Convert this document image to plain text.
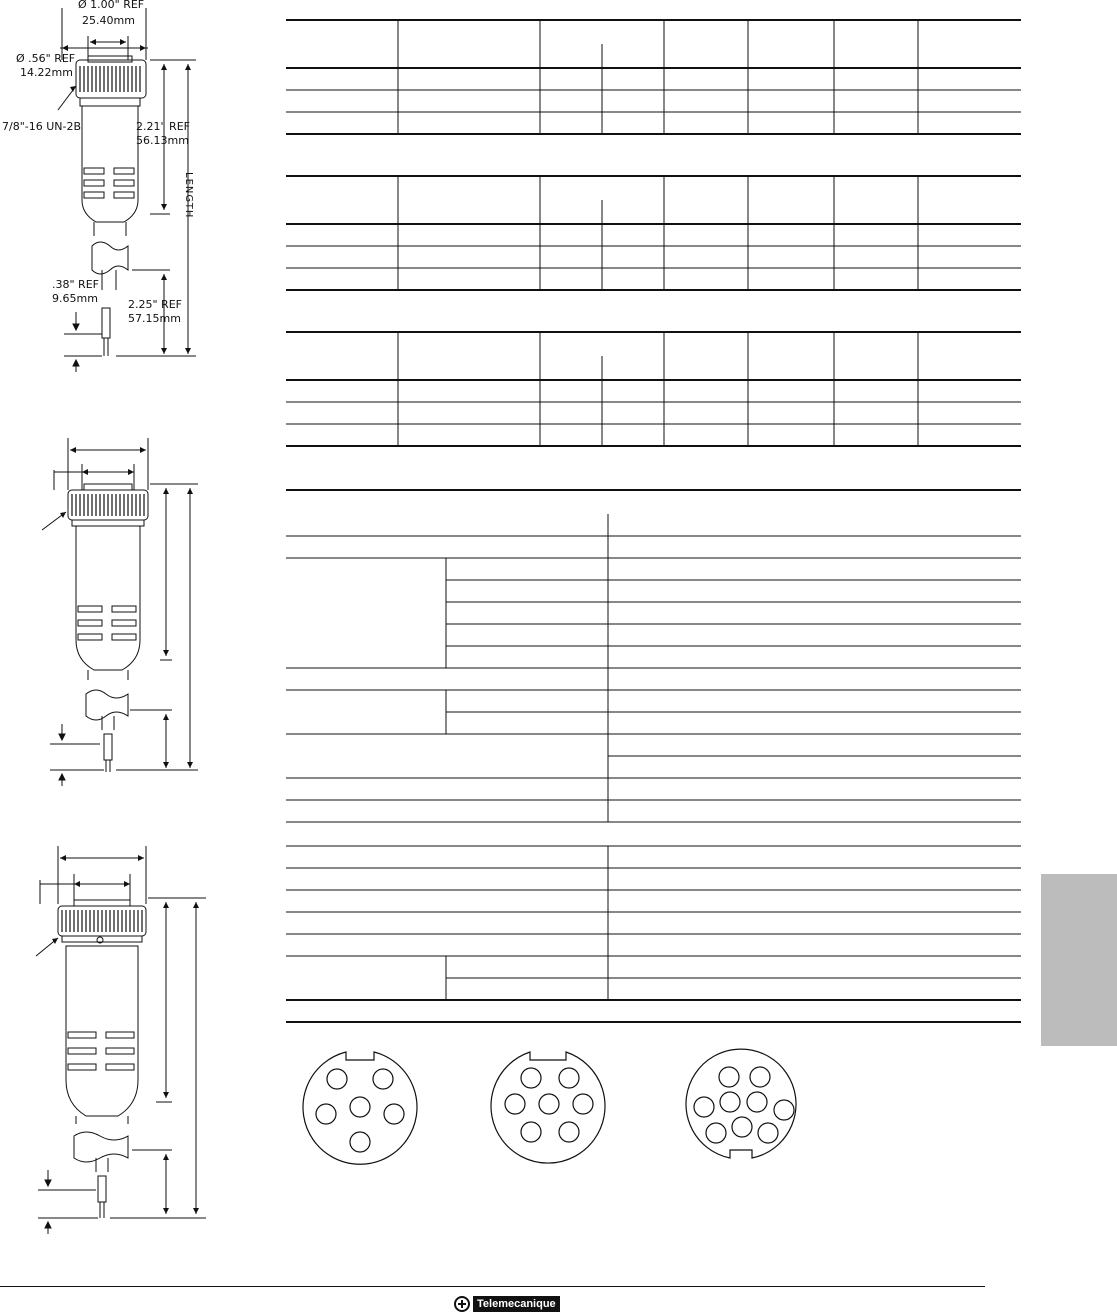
Ø 1.00" REF
25.40mm
Ø .56" REF
14.22mm
7/8"-16 UN-2B	2.21" REF
56.13mm
LENGTH
.38" REF
9.65mm	2.25" REF
57.15mm
Telemecanique
